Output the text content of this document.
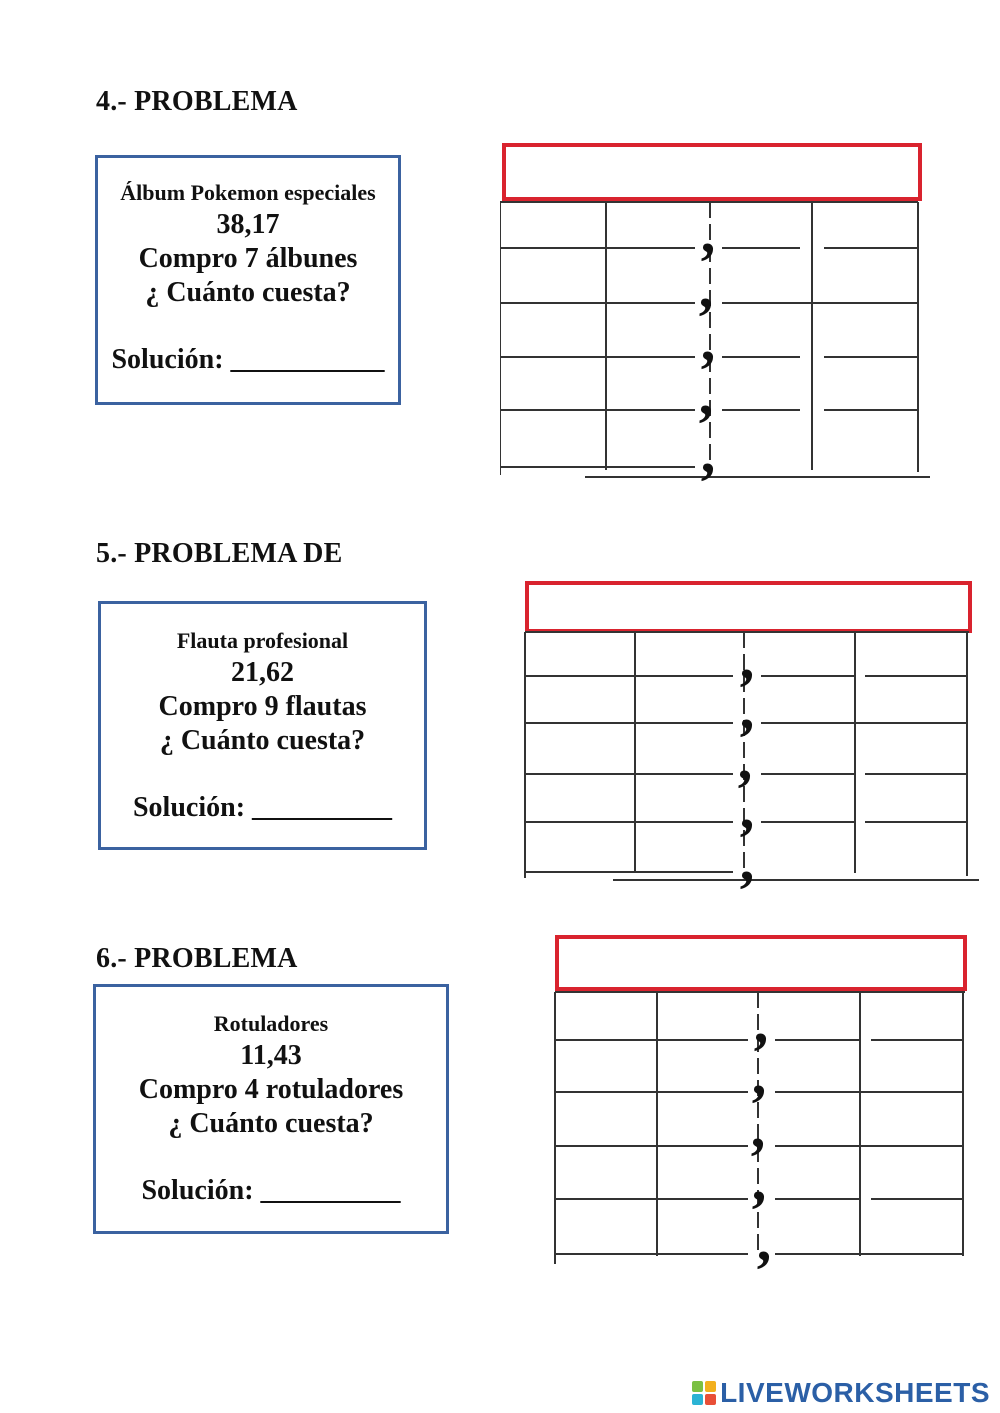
4.- PROBLEMA
Álbum Pokemon especiales
38,17
Compro 7 álbunes
¿ Cuánto cuesta?
Solución: ___________
,
,
,
,
,
5.- PROBLEMA DE
Flauta profesional
21,62
Compro 9 flautas
¿ Cuánto cuesta?
Solución: __________
,
,
,
,
,
6.- PROBLEMA
Rotuladores
11,43
Compro 4 rotuladores
¿ Cuánto cuesta?
Solución: __________
,
,
,
,
,
LIVEWORKSHEETS
